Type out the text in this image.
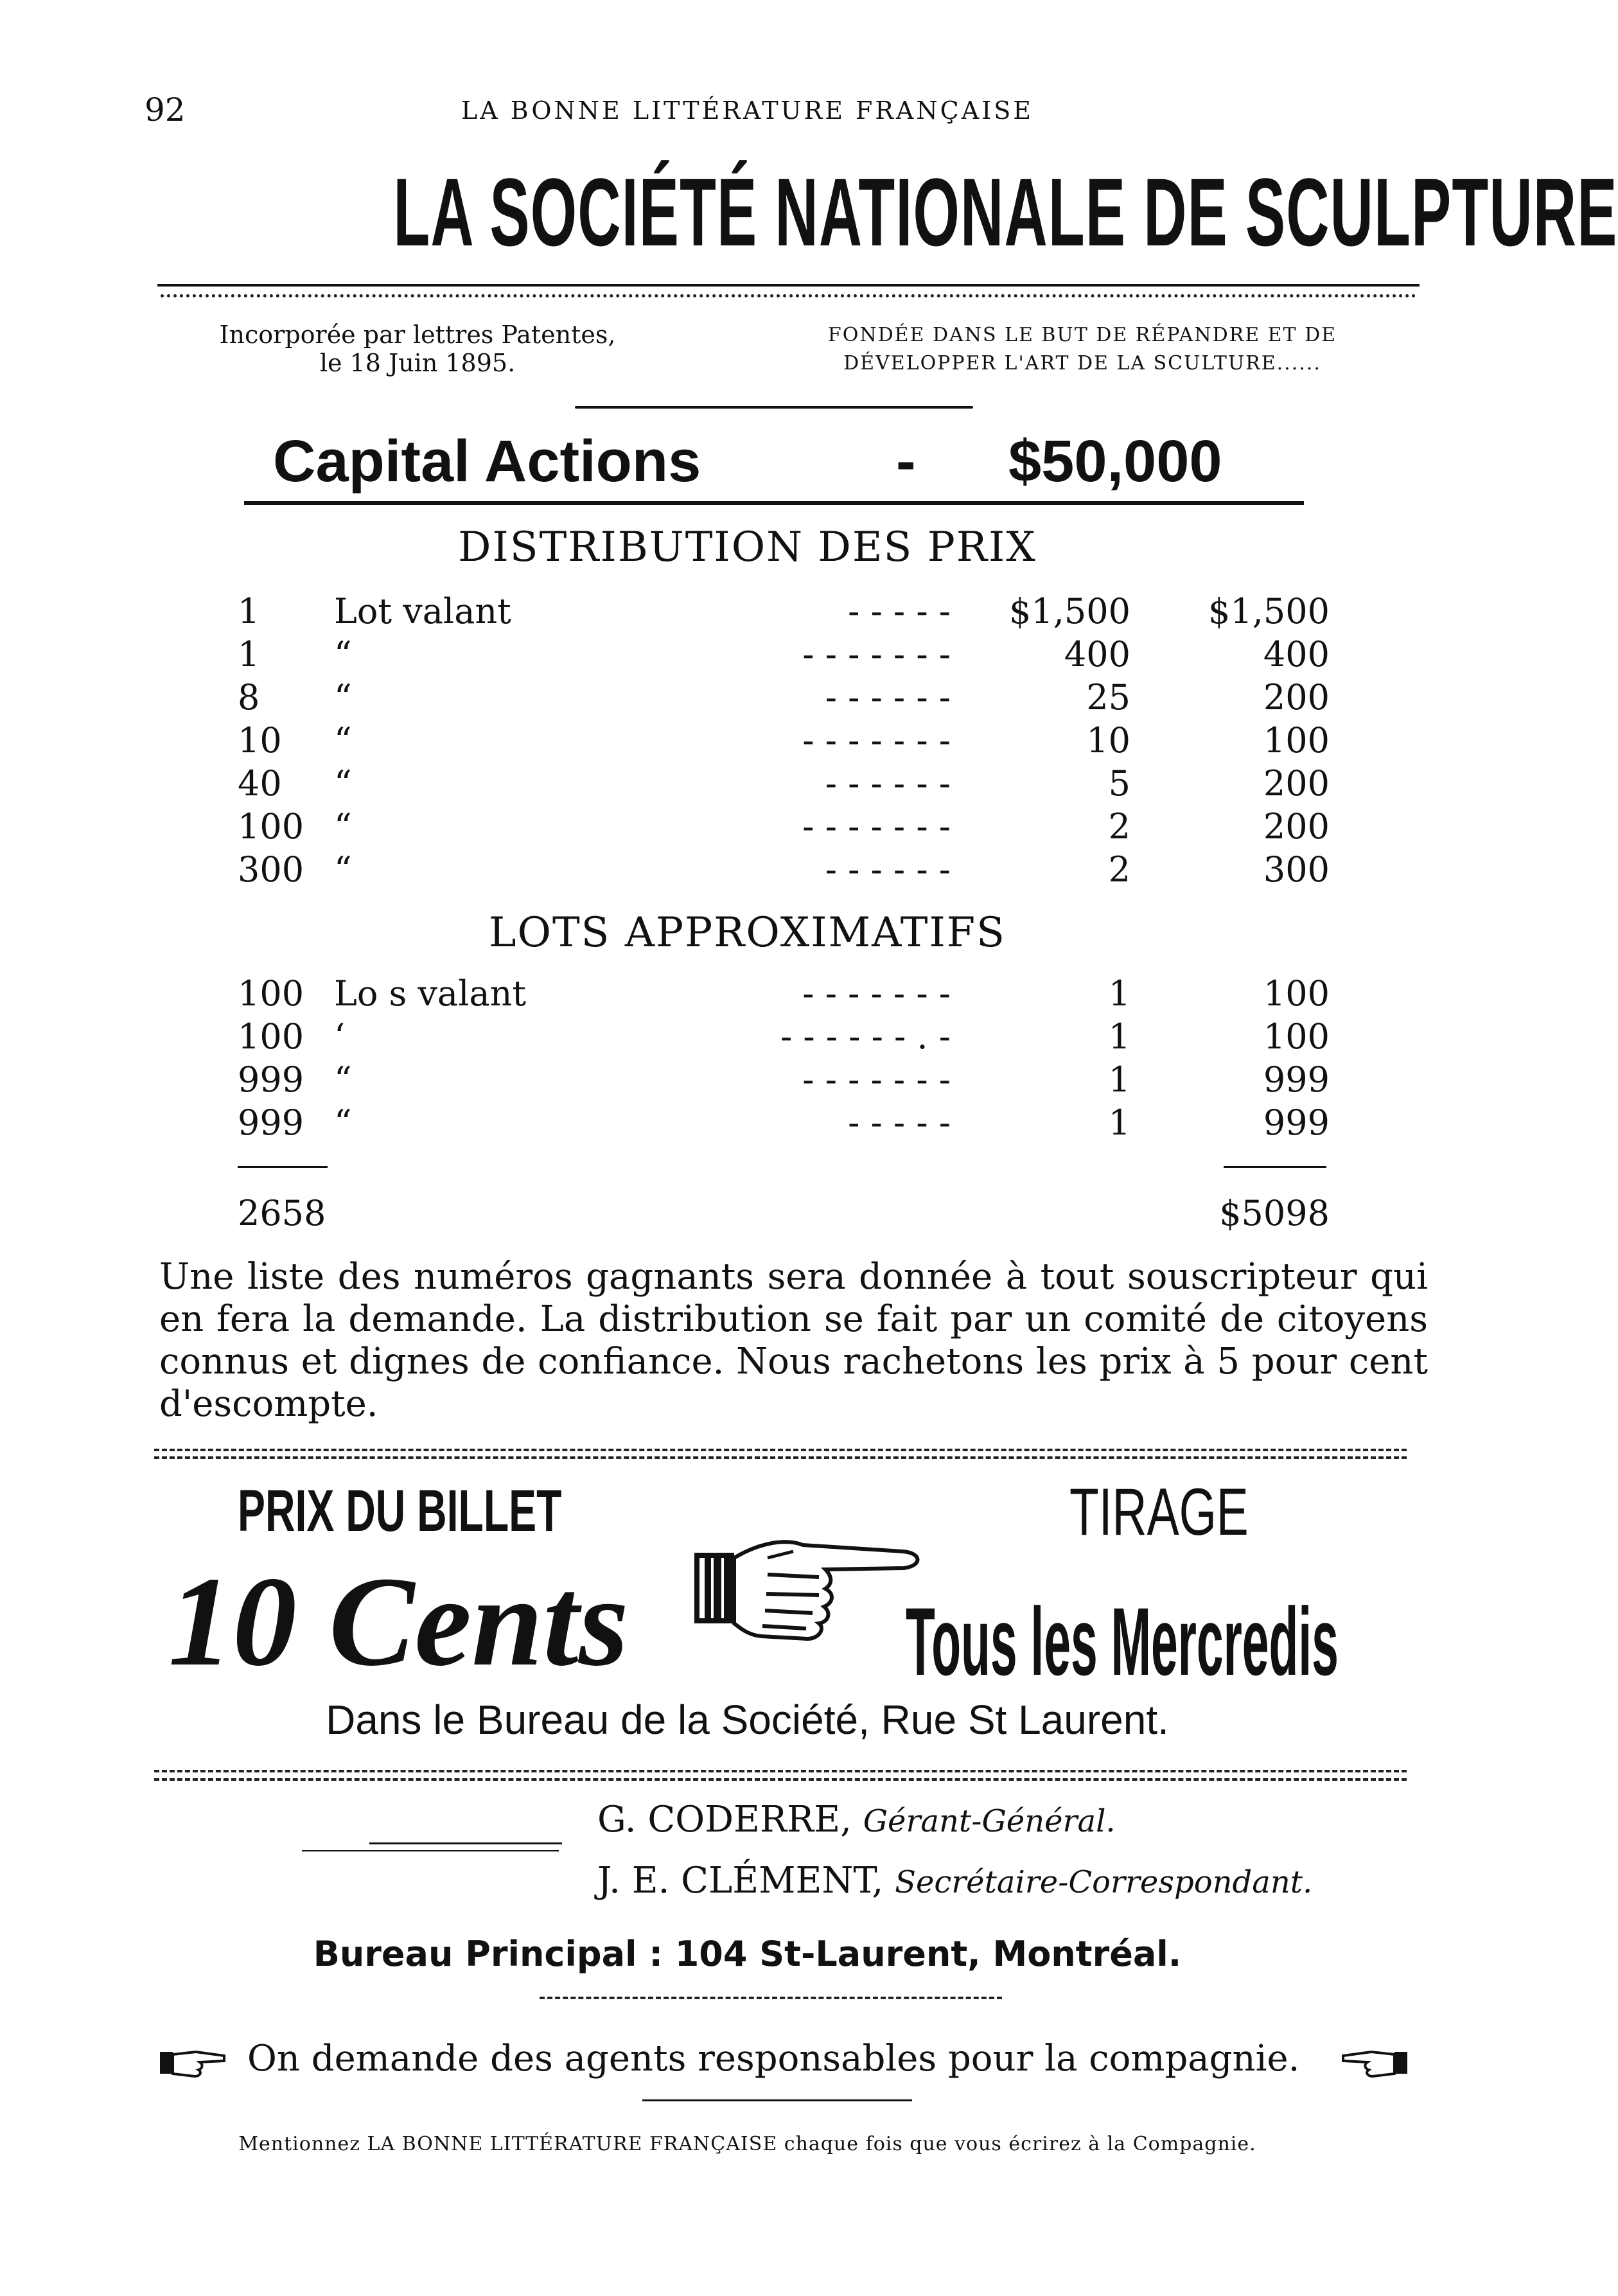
92	LA BONNE LITTÉRATURE FRANÇAISE
LA SOCIÉTÉ NATIONALE DE SCULPTURE
Incorporée par lettres Patentes,
le 18 Juin 1895.
FONDÉE DANS LE BUT DE RÉPANDRE ET DE
DÉVELOPPER L'ART DE LA SCULTURE......
Capital Actions	- $50,000
DISTRIBUTION DES PRIX
1	Lot valant	- - - - -	$1,500	$1,500
1	“	- - - - - - -	400	400
8	“	- - - - - -	25	200
10	“	- - - - - - -	10	100
40	“	- - - - - -	5	200
100 “	- - - - - - -	2	200
300 “	- - - - - -	2	300
LOTS APPROXIMATIFS
100 Lo s valant	- - - - - - -	1	100
100 ‘	- - - - - - . -	1	100
999 “	- - - - - - -	1	999
999 “	- - - - -	1	999
2658	$5098
Une liste des numéros gagnants sera donnée à tout souscripteur qui en fera la demande. La distribution se fait par un comité de citoyens connus et dignes de confiance. Nous rachetons les prix à 5 pour cent d'escompte.
PRIX DU BILLET	TIRAGE
10 Cents	Tous les Mercredis
Dans le Bureau de la Société, Rue St Laurent.
G. CODERRE, Gérant-Général.
J. E. CLÉMENT, Secrétaire-Correspondant.
Bureau Principal : 104 St-Laurent, Montréal.
On demande des agents responsables pour la compagnie.
Mentionnez LA BONNE LITTÉRATURE FRANÇAISE chaque fois que vous écrirez à la Compagnie.
